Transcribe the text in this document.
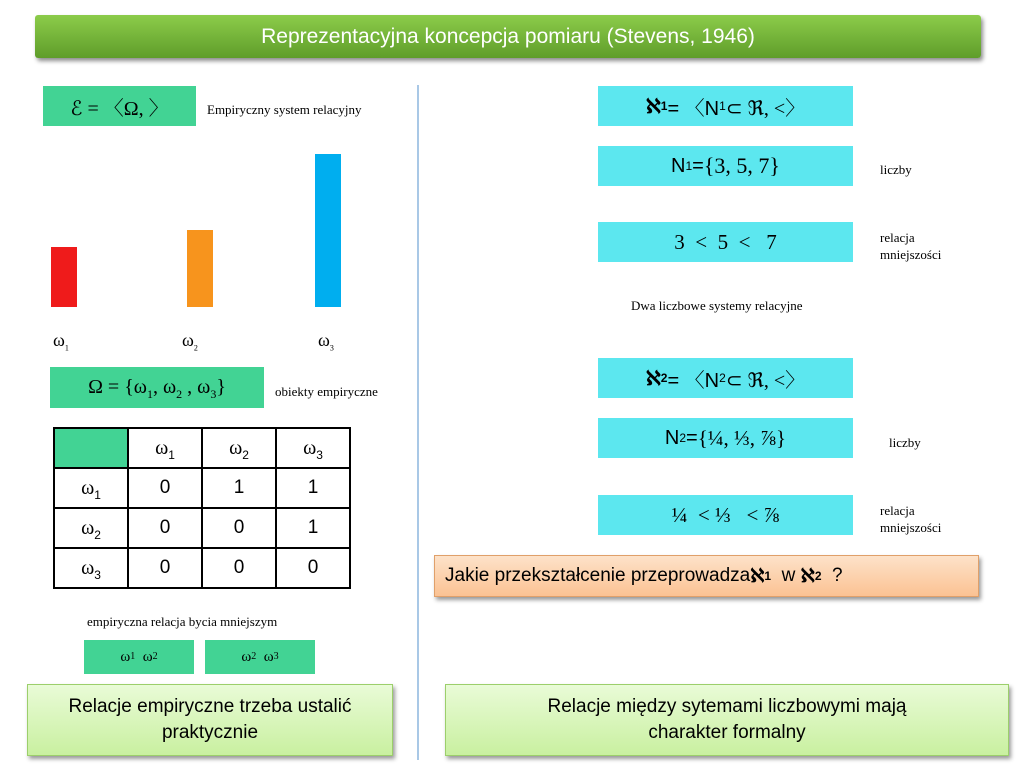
Reprezentacyjna koncepcja pomiaru (Stevens, 1946)
ℰ = 〈Ω, 〉	Empiryczny system relacyjny
$\omega_1$	$\omega_2$	$\omega_3$
$\Omega = \{\omega_1$, $\omega_2$ , $\omega_3$}	obiekty empiryczne
	$\omega_1$	$\omega_2$	$\omega_3$
$\omega_1$	0	1	1
$\omega_2$	0	0	1
$\omega_3$	0	0	0
empiryczna relacja bycia mniejszym
ω 1

ω 2	ω 2

ω 3
Relacje empiryczne trzeba ustalić praktycznie
ℵ 1 = 〈N 1 ⊂ ℜ, <〉
N 1 = {3, 5, 7}	liczby
3  <  5  <   7	relacja
mniejszości
Dwa liczbowe systemy relacyjne
ℵ 2 = 〈N 2 ⊂ ℜ, <〉
N 2 = {¼, ⅓, ⅞}	liczby
¼  < ⅓   < ⅞	relacja
mniejszości
Jakie przekształcenie przeprowadza ℵ 1 w ℵ 2 ?
Relacje między sytemami liczbowymi mają
charakter formalny
